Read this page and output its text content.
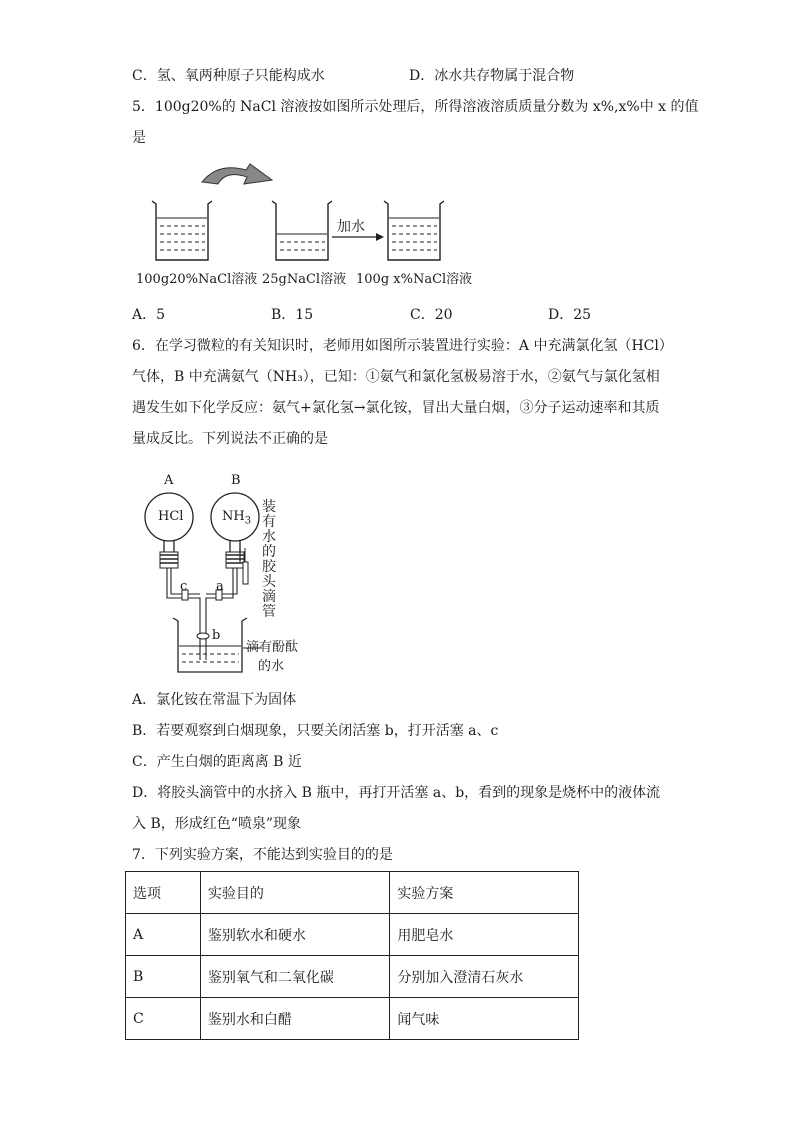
C．氢、氧两种原子只能构成水	D．冰水共存物属于混合物
5．100g20%的 NaCl 溶液按如图所示处理后，所得溶液溶质质量分数为 x%,x%中 x 的值
是
加水
100g20%NaCl溶液 25gNaCl溶液 100g x%NaCl溶液
A．5	B．15	C．20	D．25
6．在学习微粒的有关知识时，老师用如图所示装置进行实验：A 中充满氯化氢（HCl）
气体，B 中充满氨气（NH₃），已知：①氨气和氯化氢极易溶于水，②氨气与氯化氢相
遇发生如下化学反应：氨气+氯化氢→氯化铵，冒出大量白烟，③分子运动速率和其质
量成反比。下列说法不正确的是
A	B
HCl	$NH_3$
c a
b
装
有
水
的
胶
头
滴
管
滴有酚酞
的水
A．氯化铵在常温下为固体
B．若要观察到白烟现象，只要关闭活塞 b，打开活塞 a、c
C．产生白烟的距离离 B 近
D．将胶头滴管中的水挤入 B 瓶中，再打开活塞 a、b，看到的现象是烧杯中的液体流
入 B，形成红色“喷泉”现象
7．下列实验方案，不能达到实验目的的是
选项	实验目的	实验方案
A	鉴别软水和硬水	用肥皂水
B	鉴别氧气和二氧化碳	分别加入澄清石灰水
C	鉴别水和白醋	闻气味
